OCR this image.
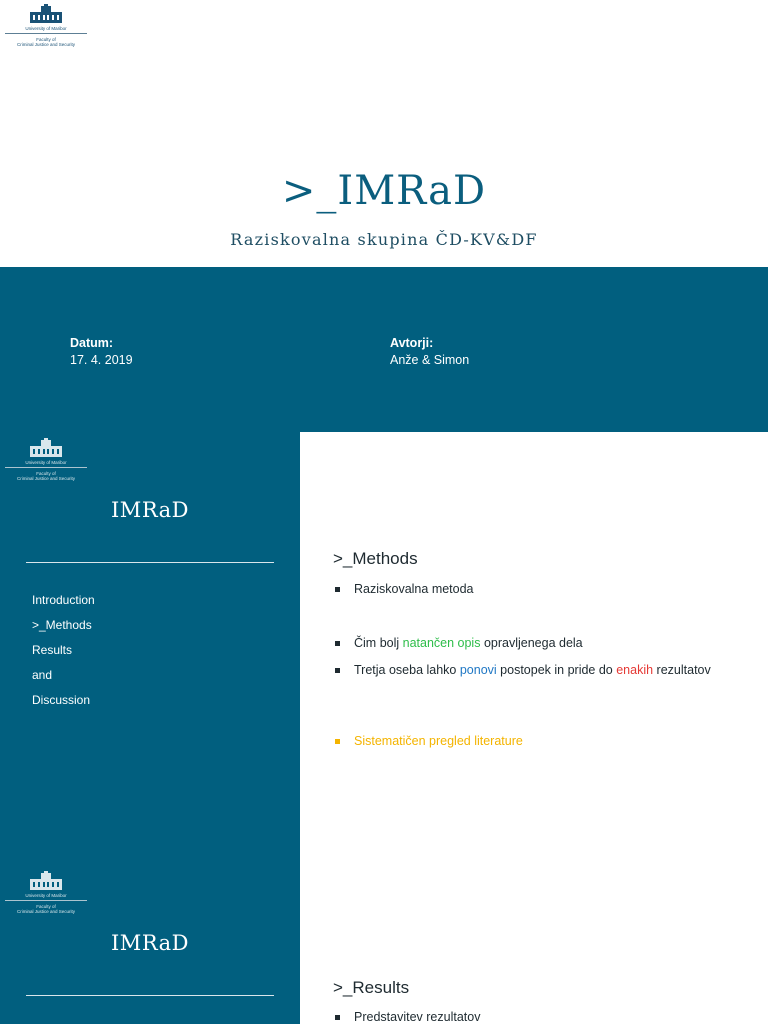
University of Maribor
Faculty of
Criminal Justice and Security
>_IMRaD
Raziskovalna skupina ČD-KV&DF
Datum:
17. 4. 2019
Avtorji:
Anže & Simon
University of Maribor
Faculty of
Criminal Justice and Security
IMRaD
Introduction
>_Methods
Results
and
Discussion
>_Methods
Raziskovalna metoda
Čim bolj natančen opis opravljenega dela
Tretja oseba lahko ponovi postopek in pride do enakih rezultatov
Sistematičen pregled literature
University of Maribor
Faculty of
Criminal Justice and Security
IMRaD
>_Results
Predstavitev rezultatov
